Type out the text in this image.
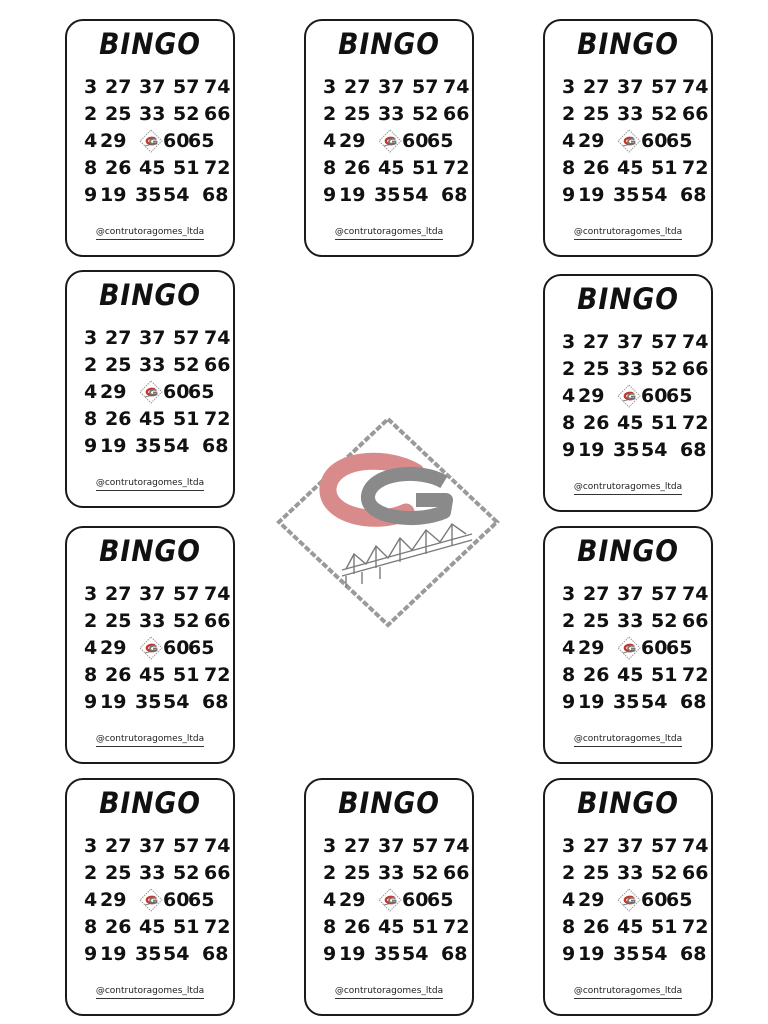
BINGO
3 27 37 57 74
2 25 33 52 66
4 29 60
65
8 26 45 51 72
9 19 35 54 68
@contrutoragomes_ltda
BINGO
3 27 37 57 74
2 25 33 52 66
4 29 60
65
8 26 45 51 72
9 19 35 54 68
@contrutoragomes_ltda
BINGO
3 27 37 57 74
2 25 33 52 66
4 29 60
65
8 26 45 51 72
9 19 35 54 68
@contrutoragomes_ltda
BINGO
3 27 37 57 74
2 25 33 52 66
4 29 60
65
8 26 45 51 72
9 19 35 54 68
@contrutoragomes_ltda
BINGO
3 27 37 57 74
2 25 33 52 66
4 29 60
65
8 26 45 51 72
9 19 35 54 68
@contrutoragomes_ltda
BINGO
3 27 37 57 74
2 25 33 52 66
4 29 60
65
8 26 45 51 72
9 19 35 54 68
@contrutoragomes_ltda
BINGO
3 27 37 57 74
2 25 33 52 66
4 29 60
65
8 26 45 51 72
9 19 35 54 68
@contrutoragomes_ltda
BINGO
3 27 37 57 74
2 25 33 52 66
4 29 60
65
8 26 45 51 72
9 19 35 54 68
@contrutoragomes_ltda
BINGO
3 27 37 57 74
2 25 33 52 66
4 29 60
65
8 26 45 51 72
9 19 35 54 68
@contrutoragomes_ltda
BINGO
3 27 37 57 74
2 25 33 52 66
4 29 60
65
8 26 45 51 72
9 19 35 54 68
@contrutoragomes_ltda
